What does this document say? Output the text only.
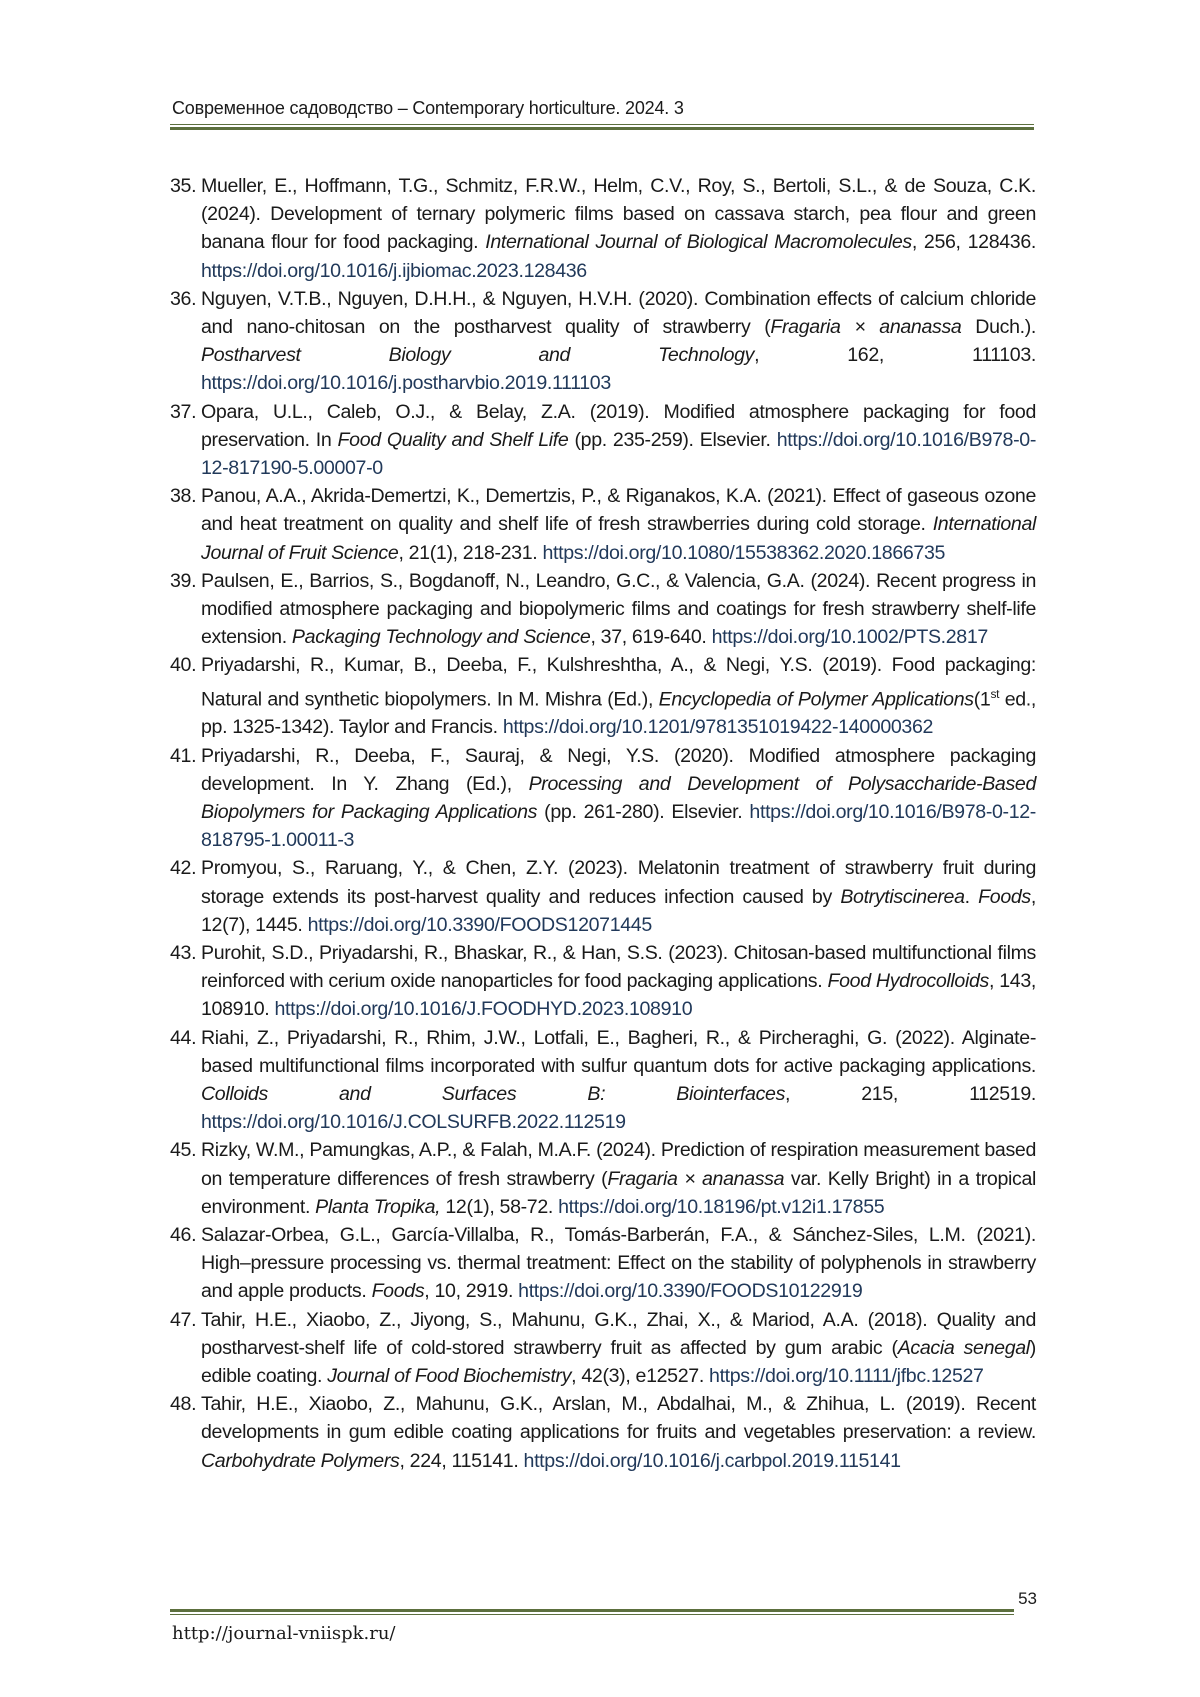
Современное садоводство – Contemporary horticulture. 2024. 3
35. Mueller, E., Hoffmann, T.G., Schmitz, F.R.W., Helm, C.V., Roy, S., Bertoli, S.L., & de Souza, C.K. (2024). Development of ternary polymeric films based on cassava starch, pea flour and green banana flour for food packaging. International Journal of Biological Macromolecules, 256, 128436. https://doi.org/10.1016/j.ijbiomac.2023.128436
36. Nguyen, V.T.B., Nguyen, D.H.H., & Nguyen, H.V.H. (2020). Combination effects of calcium chloride and nano-chitosan on the postharvest quality of strawberry (Fragaria × ananassa Duch.). Postharvest Biology and Technology, 162, 111103. https://doi.org/10.1016/j.postharvbio.2019.111103
37. Opara, U.L., Caleb, O.J., & Belay, Z.A. (2019). Modified atmosphere packaging for food preservation. In Food Quality and Shelf Life (pp. 235-259). Elsevier. https://doi.org/10.1016/B978-0-12-817190-5.00007-0
38. Panou, A.A., Akrida-Demertzi, K., Demertzis, P., & Riganakos, K.A. (2021). Effect of gaseous ozone and heat treatment on quality and shelf life of fresh strawberries during cold storage. International Journal of Fruit Science, 21(1), 218-231. https://doi.org/10.1080/15538362.2020.1866735
39. Paulsen, E., Barrios, S., Bogdanoff, N., Leandro, G.C., & Valencia, G.A. (2024). Recent progress in modified atmosphere packaging and biopolymeric films and coatings for fresh strawberry shelf-life extension. Packaging Technology and Science, 37, 619-640. https://doi.org/10.1002/PTS.2817
40. Priyadarshi, R., Kumar, B., Deeba, F., Kulshreshtha, A., & Negi, Y.S. (2019). Food packaging: Natural and synthetic biopolymers. In M. Mishra (Ed.), Encyclopedia of Polymer Applications(1st ed., pp. 1325-1342). Taylor and Francis. https://doi.org/10.1201/9781351019422-140000362
41. Priyadarshi, R., Deeba, F., Sauraj, & Negi, Y.S. (2020). Modified atmosphere packaging development. In Y. Zhang (Ed.), Processing and Development of Polysaccharide-Based Biopolymers for Packaging Applications (pp. 261-280). Elsevier. https://doi.org/10.1016/B978-0-12-818795-1.00011-3
42. Promyou, S., Raruang, Y., & Chen, Z.Y. (2023). Melatonin treatment of strawberry fruit during storage extends its post-harvest quality and reduces infection caused by Botrytiscinerea. Foods, 12(7), 1445. https://doi.org/10.3390/FOODS12071445
43. Purohit, S.D., Priyadarshi, R., Bhaskar, R., & Han, S.S. (2023). Chitosan-based multifunctional films reinforced with cerium oxide nanoparticles for food packaging applications. Food Hydrocolloids, 143, 108910. https://doi.org/10.1016/J.FOODHYD.2023.108910
44. Riahi, Z., Priyadarshi, R., Rhim, J.W., Lotfali, E., Bagheri, R., & Pircheraghi, G. (2022). Alginate-based multifunctional films incorporated with sulfur quantum dots for active packaging applications. Colloids and Surfaces B: Biointerfaces, 215, 112519. https://doi.org/10.1016/J.COLSURFB.2022.112519
45. Rizky, W.M., Pamungkas, A.P., & Falah, M.A.F. (2024). Prediction of respiration measurement based on temperature differences of fresh strawberry (Fragaria × ananassa var. Kelly Bright) in a tropical environment. Planta Tropika, 12(1), 58-72. https://doi.org/10.18196/pt.v12i1.17855
46. Salazar-Orbea, G.L., García-Villalba, R., Tomás-Barberán, F.A., & Sánchez-Siles, L.M. (2021). High–pressure processing vs. thermal treatment: Effect on the stability of polyphenols in strawberry and apple products. Foods, 10, 2919. https://doi.org/10.3390/FOODS10122919
47. Tahir, H.E., Xiaobo, Z., Jiyong, S., Mahunu, G.K., Zhai, X., & Mariod, A.A. (2018). Quality and postharvest-shelf life of cold-stored strawberry fruit as affected by gum arabic (Acacia senegal) edible coating. Journal of Food Biochemistry, 42(3), e12527. https://doi.org/10.1111/jfbc.12527
48. Tahir, H.E., Xiaobo, Z., Mahunu, G.K., Arslan, M., Abdalhai, M., & Zhihua, L. (2019). Recent developments in gum edible coating applications for fruits and vegetables preservation: a review. Carbohydrate Polymers, 224, 115141. https://doi.org/10.1016/j.carbpol.2019.115141
53
http://journal-vniispk.ru/
